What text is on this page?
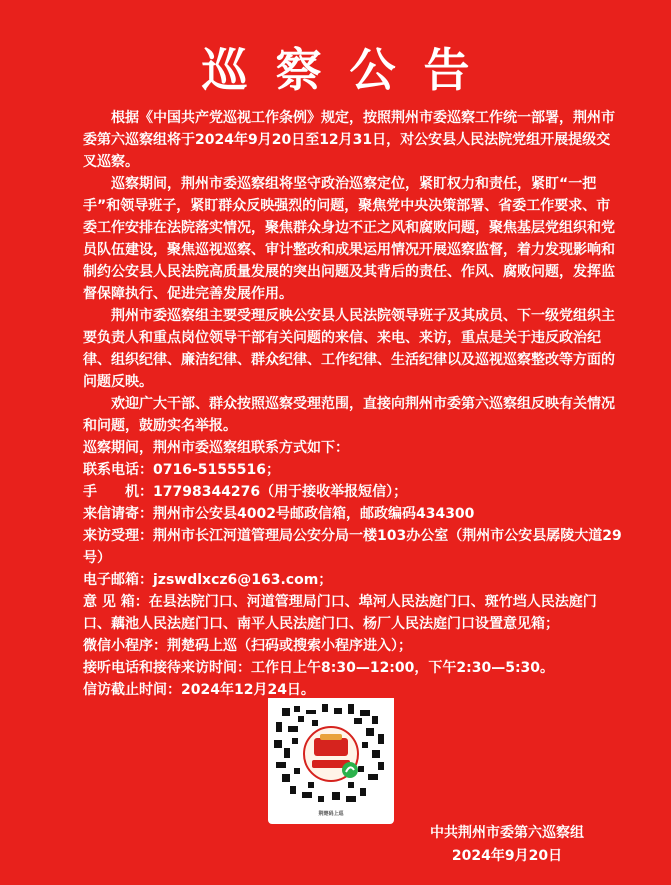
巡察公告

根据《中国共产党巡视工作条例》规定，按照荆州市委巡察工作统一部署，荆州市委第六巡察组将于2024年9月20日至12月31日，对公安县人民法院党组开展提级交叉巡察。

巡察期间，荆州市委巡察组将坚守政治巡察定位，紧盯权力和责任，紧盯“一把手”和领导班子，紧盯群众反映强烈的问题，聚焦党中央决策部署、省委工作要求、市委工作安排在法院落实情况，聚焦群众身边不正之风和腐败问题，聚焦基层党组织和党员队伍建设，聚焦巡视巡察、审计整改和成果运用情况开展巡察监督，着力发现影响和制约公安县人民法院高质量发展的突出问题及其背后的责任、作风、腐败问题，发挥监督保障执行、促进完善发展作用。

荆州市委巡察组主要受理反映公安县人民法院领导班子及其成员、下一级党组织主要负责人和重点岗位领导干部有关问题的来信、来电、来访，重点是关于违反政治纪律、组织纪律、廉洁纪律、群众纪律、工作纪律、生活纪律以及巡视巡察整改等方面的问题反映。

欢迎广大干部、群众按照巡察受理范围，直接向荆州市委第六巡察组反映有关情况和问题，鼓励实名举报。

巡察期间，荆州市委巡察组联系方式如下：

联系电话：0716-5155516；

手　　机：17798344276（用于接收举报短信）；

来信请寄：荆州市公安县4002号邮政信箱，邮政编码434300

来访受理：荆州市长江河道管理局公安分局一楼103办公室（荆州市公安县孱陵大道29号）

电子邮箱：jzswdlxcz6@163.com；

意 见 箱：在县法院门口、河道管理局门口、埠河人民法庭门口、斑竹垱人民法庭门口、藕池人民法庭门口、南平人民法庭门口、杨厂人民法庭门口设置意见箱；

微信小程序：荆楚码上巡（扫码或搜索小程序进入）；

接听电话和接待来访时间：工作日上午8:30—12:00，下午2:30—5:30。

信访截止时间：2024年12月24日。

荆楚码上巡
中共荆州市委第六巡察组
2024年9月20日
